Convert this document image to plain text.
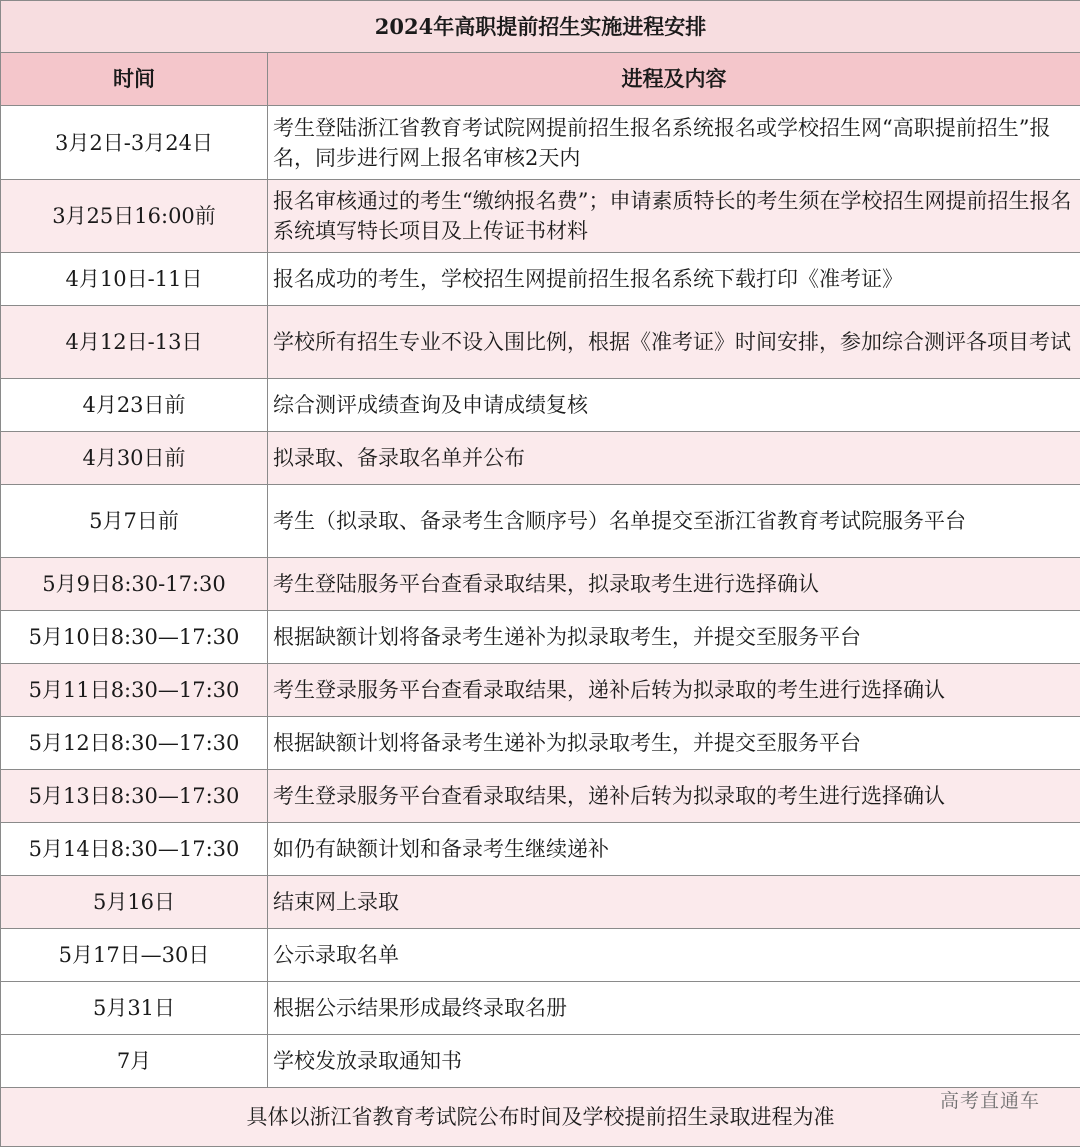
2024年高职提前招生实施进程安排	
时间	进程及内容
3月2日-3月24日	考生登陆浙江省教育考试院网提前招生报名系统报名或学校招生网“高职提前招生”报名，同步进行网上报名审核2天内
3月25日16:00前	报名审核通过的考生“缴纳报名费”；申请素质特长的考生须在学校招生网提前招生报名系统填写特长项目及上传证书材料
4月10日-11日	报名成功的考生，学校招生网提前招生报名系统下载打印《准考证》
4月12日-13日	学校所有招生专业不设入围比例，根据《准考证》时间安排，参加综合测评各项目考试
4月23日前	综合测评成绩查询及申请成绩复核
4月30日前	拟录取、备录取名单并公布
5月7日前	考生（拟录取、备录考生含顺序号）名单提交至浙江省教育考试院服务平台
5月9日8:30-17:30	考生登陆服务平台查看录取结果，拟录取考生进行选择确认
5月10日8:30—17:30	根据缺额计划将备录考生递补为拟录取考生，并提交至服务平台
5月11日8:30—17:30	考生登录服务平台查看录取结果，递补后转为拟录取的考生进行选择确认
5月12日8:30—17:30	根据缺额计划将备录考生递补为拟录取考生，并提交至服务平台
5月13日8:30—17:30	考生登录服务平台查看录取结果，递补后转为拟录取的考生进行选择确认
5月14日8:30—17:30	如仍有缺额计划和备录考生继续递补
5月16日	结束网上录取
5月17日—30日	公示录取名单
5月31日	根据公示结果形成最终录取名册
7月	学校发放录取通知书
具体以浙江省教育考试院公布时间及学校提前招生录取进程为准	
高考直通车
